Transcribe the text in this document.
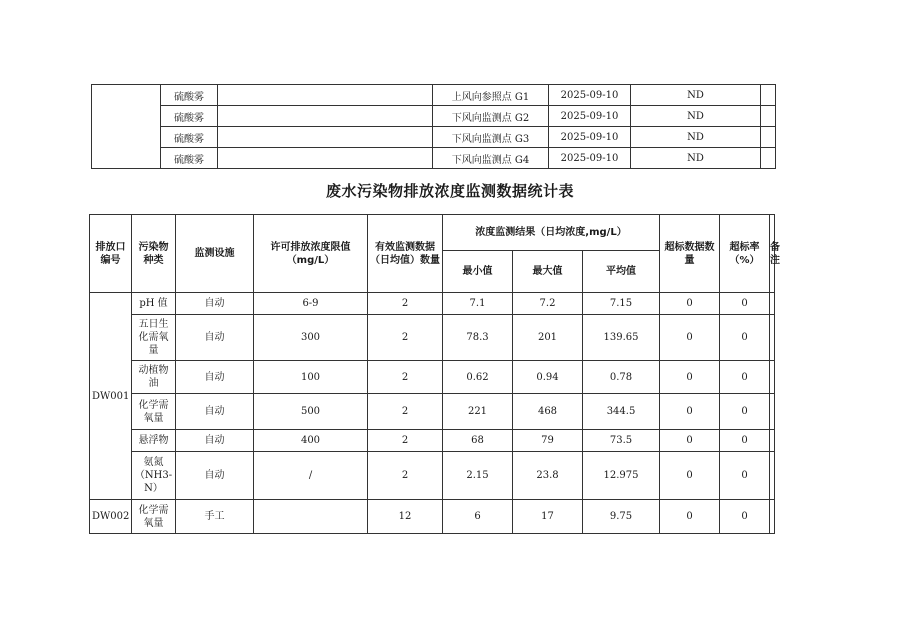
	硫酸雾		上风向参照点 G1	2025-09-10	ND	
	硫酸雾		下风向监测点 G2	2025-09-10	ND	
	硫酸雾		下风向监测点 G3	2025-09-10	ND	
	硫酸雾		下风向监测点 G4	2025-09-10	ND	
废水污染物排放浓度监测数据统计表
排放口编号	污染物种类	监测设施	许可排放浓度限值（mg/L）	有效监测数据（日均值）数量	浓度监测结果（日均浓度,mg/L）			超标数据数量	超标率（%）	备注
					最小值	最大值	平均值			
DW001	pH 值	自动	6-9	2	7.1	7.2	7.15	0	0	
	五日生化需氧量	自动	300	2	78.3	201	139.65	0	0	
	动植物油	自动	100	2	0.62	0.94	0.78	0	0	
	化学需氧量	自动	500	2	221	468	344.5	0	0	
	悬浮物	自动	400	2	68	79	73.5	0	0	
	氨氮（NH3-N）	自动	/	2	2.15	23.8	12.975	0	0	
DW002	化学需氧量	手工		12	6	17	9.75	0	0	
